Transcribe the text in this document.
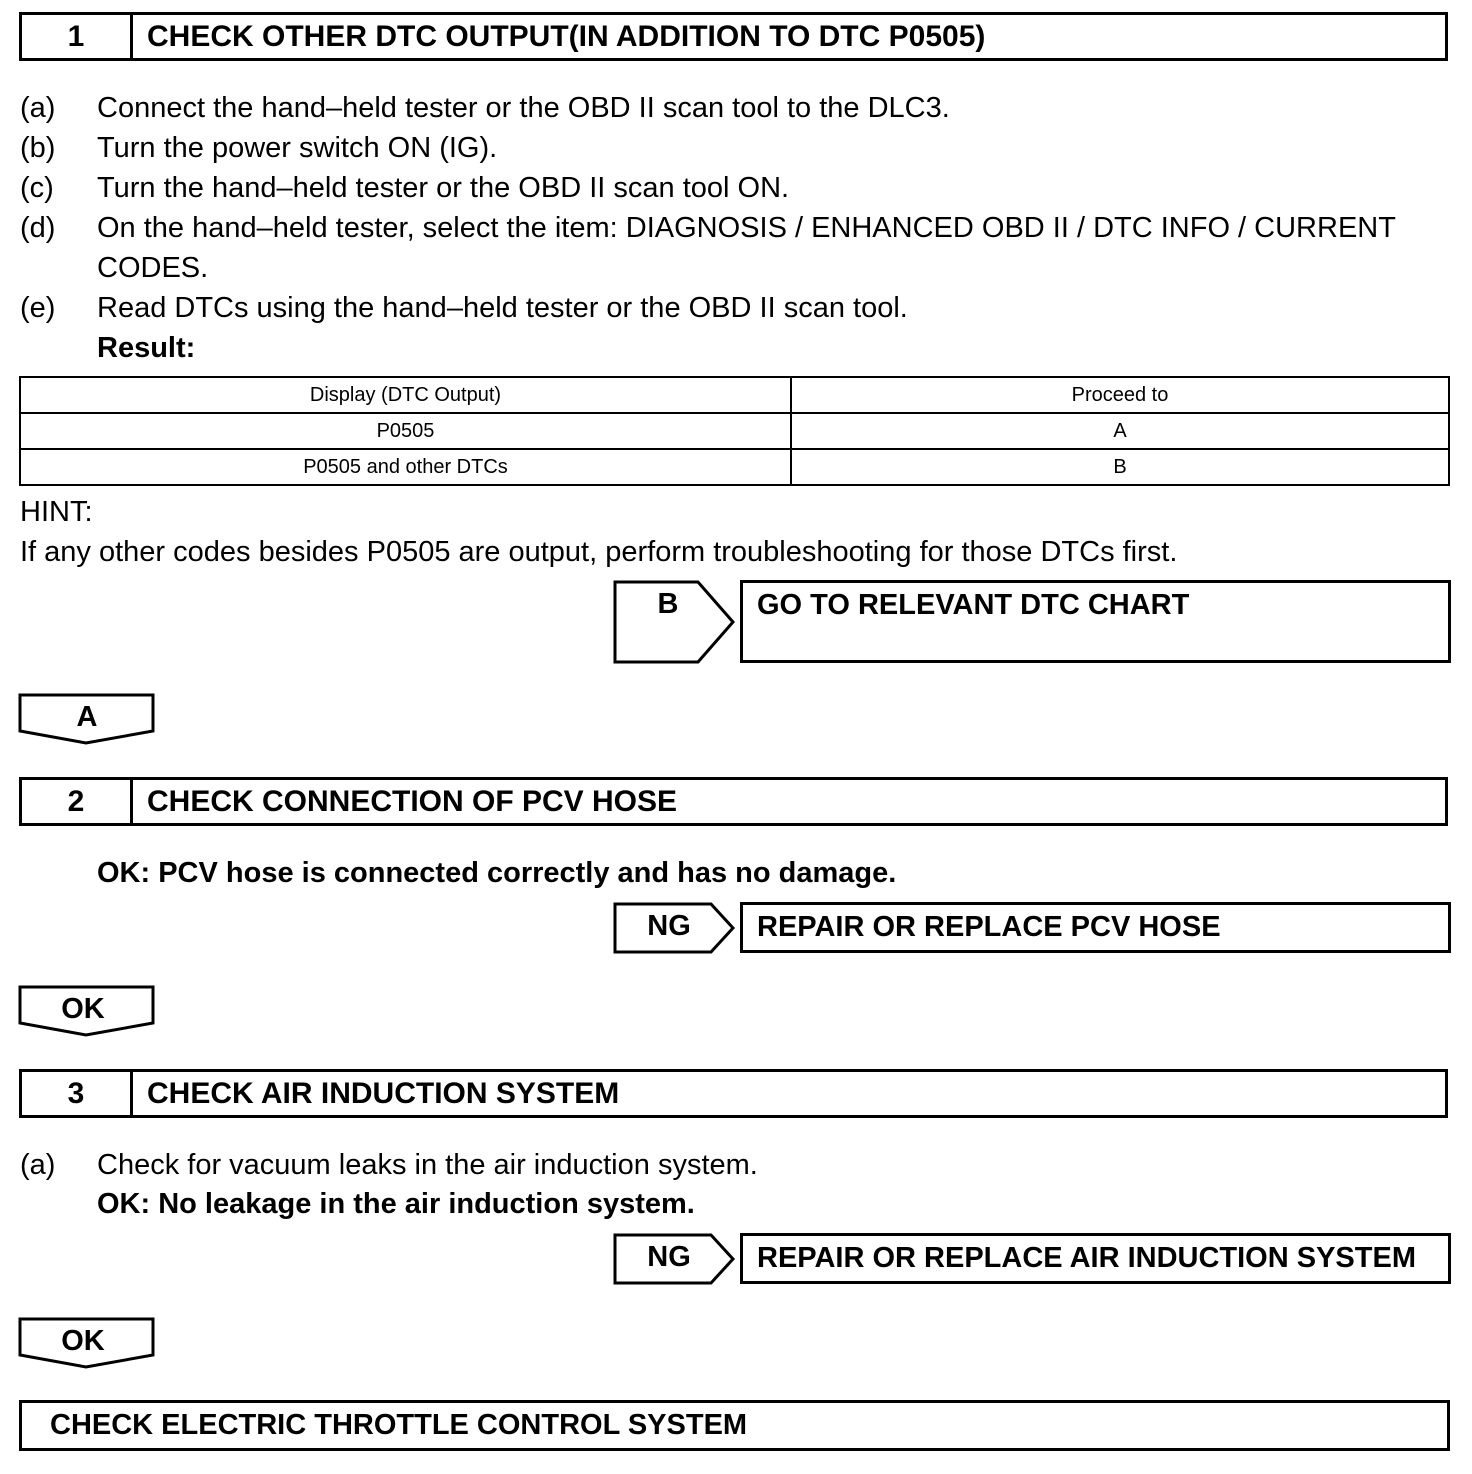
1	CHECK OTHER DTC OUTPUT(IN ADDITION TO DTC P0505)
(a) Connect the hand–held tester or the OBD II scan tool to the DLC3.
(b) Turn the power switch ON (IG).
(c) Turn the hand–held tester or the OBD II scan tool ON.
(d) On the hand–held tester, select the item: DIAGNOSIS / ENHANCED OBD II / DTC INFO / CURRENT
CODES.
(e) Read DTCs using the hand–held tester or the OBD II scan tool.
Result:
Display (DTC Output)	Proceed to
P0505	A
P0505 and other DTCs	B
HINT:
If any other codes besides P0505 are output, perform troubleshooting for those DTCs first.
B	GO TO RELEVANT DTC CHART
A
2	CHECK CONNECTION OF PCV HOSE
OK: PCV hose is connected correctly and has no damage.
NG	REPAIR OR REPLACE PCV HOSE
OK
3	CHECK AIR INDUCTION SYSTEM
(a) Check for vacuum leaks in the air induction system.
OK: No leakage in the air induction system.
NG	REPAIR OR REPLACE AIR INDUCTION SYSTEM
OK
CHECK ELECTRIC THROTTLE CONTROL SYSTEM
